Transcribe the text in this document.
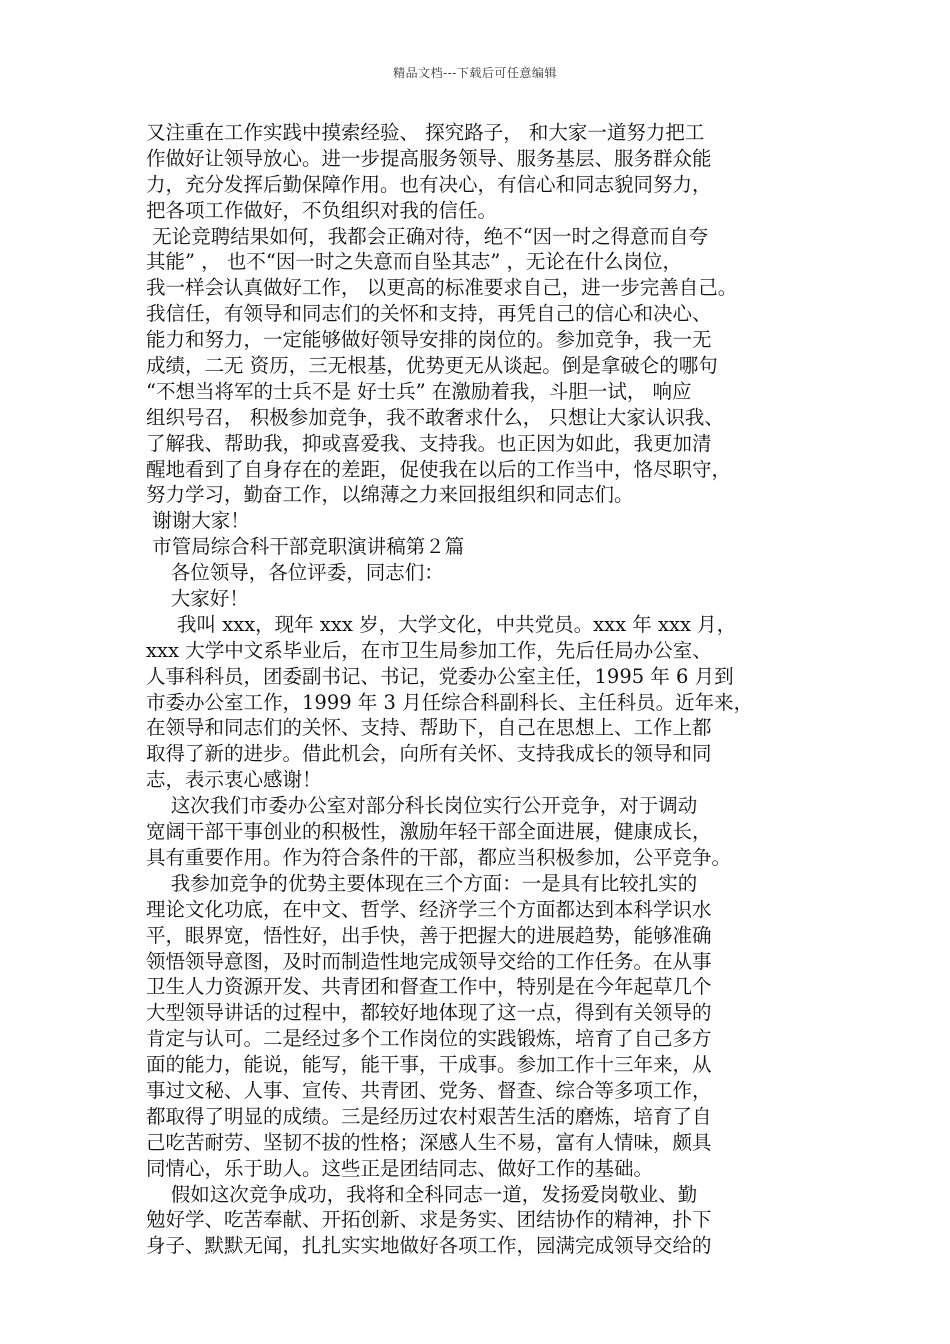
精品文档---下载后可任意编辑
又注重在工作实践中摸索经验、 探究路子， 和大家一道努力把工
作做好让领导放心。进一步提高服务领导、服务基层、服务群众能
力，充分发挥后勤保障作用。也有决心，有信心和同志貌同努力，
把各项工作做好，不负组织对我的信任。
无论竞聘结果如何，我都会正确对待，绝不“因一时之得意而自夸
其能” ， 也不“因一时之失意而自坠其志” ，无论在什么岗位，
我一样会认真做好工作， 以更高的标准要求自己，进一步完善自己。
我信任，有领导和同志们的关怀和支持，再凭自己的信心和决心、
能力和努力，一定能够做好领导安排的岗位的。参加竞争，我一无
成绩，二无 资历，三无根基，优势更无从谈起。倒是拿破仑的哪句
“不想当将军的士兵不是 好士兵” 在激励着我，斗胆一试， 响应
组织号召， 积极参加竞争，我不敢奢求什么， 只想让大家认识我、
了解我、帮助我，抑或喜爱我、支持我。也正因为如此，我更加清
醒地看到了自身存在的差距，促使我在以后的工作当中，恪尽职守，
努力学习，勤奋工作，以绵薄之力来回报组织和同志们。
谢谢大家！
市管局综合科干部竞职演讲稿第２篇
各位领导，各位评委，同志们：
大家好！
我叫 xxx，现年 xxx 岁，大学文化，中共党员。xxx 年 xxx 月，
xxx 大学中文系毕业后，在市卫生局参加工作，先后任局办公室、
人事科科员，团委副书记、书记，党委办公室主任，1995 年 6 月到
市委办公室工作，1999 年 3 月任综合科副科长、主任科员。近年来，
在领导和同志们的关怀、支持、帮助下，自己在思想上、工作上都
取得了新的进步。借此机会，向所有关怀、支持我成长的领导和同
志，表示衷心感谢！
这次我们市委办公室对部分科长岗位实行公开竞争，对于调动
宽阔干部干事创业的积极性，激励年轻干部全面进展，健康成长，
具有重要作用。作为符合条件的干部，都应当积极参加，公平竞争。
我参加竞争的优势主要体现在三个方面：一是具有比较扎实的
理论文化功底，在中文、哲学、经济学三个方面都达到本科学识水
平，眼界宽，悟性好，出手快，善于把握大的进展趋势，能够准确
领悟领导意图，及时而制造性地完成领导交给的工作任务。在从事
卫生人力资源开发、共青团和督查工作中，特别是在今年起草几个
大型领导讲话的过程中，都较好地体现了这一点，得到有关领导的
肯定与认可。二是经过多个工作岗位的实践锻炼，培育了自己多方
面的能力，能说，能写，能干事，干成事。参加工作十三年来，从
事过文秘、人事、宣传、共青团、党务、督查、综合等多项工作，
都取得了明显的成绩。三是经历过农村艰苦生活的磨炼，培育了自
己吃苦耐劳、坚韧不拔的性格；深感人生不易，富有人情味，颇具
同情心，乐于助人。这些正是团结同志、做好工作的基础。
假如这次竞争成功，我将和全科同志一道，发扬爱岗敬业、勤
勉好学、吃苦奉献、开拓创新、求是务实、团结协作的精神，扑下
身子、默默无闻，扎扎实实地做好各项工作，园满完成领导交给的
